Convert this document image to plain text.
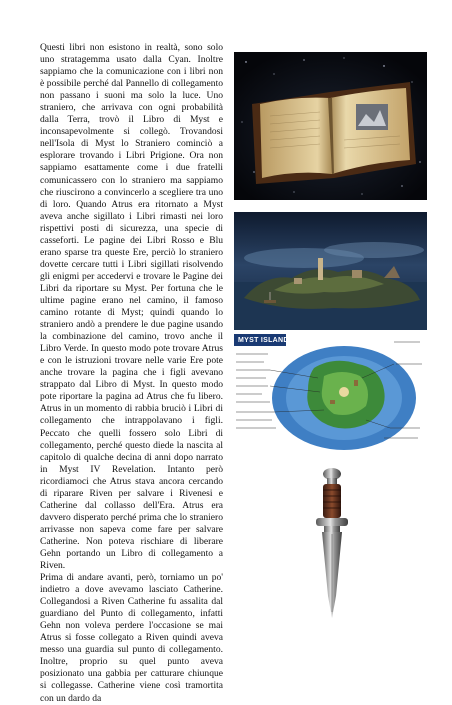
Questi libri non esistono in realtà, sono solo uno stratagemma usato dalla Cyan. Inoltre sappiamo che la comunicazione con i libri non è possibile perché dal Pannello di collegamento non passano i suoni ma solo la luce. Uno straniero, che arrivava con ogni probabilità dalla Terra, trovò il Libro di Myst e inconsapevolmente si collegò. Trovandosi nell'Isola di Myst lo Straniero cominciò a esplorare trovando i Libri Prigione. Ora non sappiamo esattamente come i due fratelli comunicassero con lo straniero ma sappiamo che riuscirono a convincerlo a scegliere tra uno di loro. Quando Atrus era ritornato a Myst aveva anche sigillato i Libri rimasti nei loro rispettivi posti di sicurezza, una specie di casseforti. Le pagine dei Libri Rosso e Blu erano sparse tra queste Ere, perciò lo straniero dovette cercare tutti i Libri sigillati risolvendo gli enigmi per accedervi e trovare le Pagine dei Libri da riportare su Myst. Per fortuna che le ultime pagine erano nel camino, il famoso camino rotante di Myst; quindi quando lo straniero andò a prendere le due pagine usando la combinazione del camino, trovo anche il Libro Verde. In questo modo pote trovare Atrus e con le istruzioni trovare nelle varie Ere pote anche trovare la pagina che i figli avevano strappato dal Libro di Myst. In questo modo pote riportare la pagina ad Atrus che fu libero. Atrus in un momento di rabbia bruciò i Libri di collegamento che intrappolavano i figli. Peccato che quelli fossero solo Libri di collegamento, perché questo diede la nascita al capitolo di qualche decina di anni dopo narrato in Myst IV Revelation. Intanto però ricordiamoci che Atrus stava ancora cercando di riparare Riven per salvare i Rivenesi e Catherine dal collasso dell'Era. Atrus era davvero disperato perché prima che lo straniero arrivasse non sapeva come fare per salvare Catherine. Non poteva rischiare di liberare Gehn portando un Libro di collegamento a Riven.

Prima di andare avanti, però, torniamo un po' indietro a dove avevamo lasciato Catherine. Collegandosi a Riven Catherine fu assalita dal guardiano del Punto di collegamento, infatti Gehn non voleva perdere l'occasione se mai Atrus si fosse collegato a Riven quindi aveva messo una guardia sul punto di collegamento. Inoltre, proprio su quel punto aveva posizionato una gabbia per catturare chiunque si collegasse. Catherine viene così tramortita con un dardo da

MYST ISLAND
